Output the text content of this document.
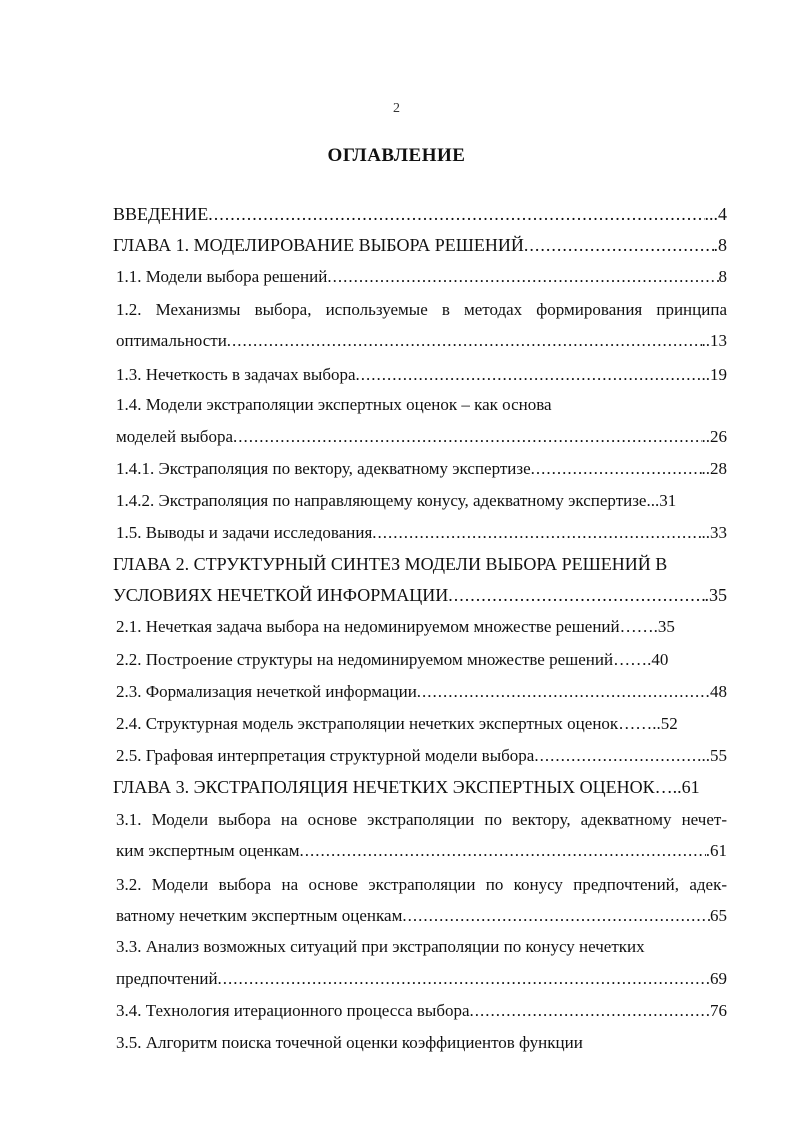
2
ОГЛАВЛЕНИЕ
ВВЕДЕНИЕ .....	...4
ГЛАВА 1. МОДЕЛИРОВАНИЕ ВЫБОРА РЕШЕНИЙ .....	.8
1.1. Модели выбора решений .....	8
1.2. Механизмы выбора, используемые в методах формирования принципа
оптимальности .....	..13
1.3. Нечеткость в задачах выбора .....	..19
1.4. Модели экстраполяции экспертных оценок – как основа
моделей выбора .....	..26
1.4.1. Экстраполяция по вектору, адекватному экспертизе .....	..28
1.4.2. Экстраполяция по направляющему конусу, адекватному экспертизе ...31
1.5. Выводы и задачи исследования .....	..33
ГЛАВА 2. СТРУКТУРНЫЙ СИНТЕЗ МОДЕЛИ ВЫБОРА РЕШЕНИЙ В
УСЛОВИЯХ НЕЧЕТКОЙ ИНФОРМАЦИИ .....	.35
2.1. Нечеткая задача выбора на недоминируемом множестве решений …….35
2.2. Построение структуры на недоминируемом множестве решений …….40
2.3. Формализация нечеткой информации .....	48
2.4. Структурная модель экстраполяции нечетких экспертных оценок ……..52
2.5. Графовая интерпретация структурной модели выбора .....	..55
ГЛАВА 3. ЭКСТРАПОЛЯЦИЯ НЕЧЕТКИХ ЭКСПЕРТНЫХ ОЦЕНОК …..61
3.1. Модели выбора на основе экстраполяции по вектору, адекватному нечет-
ким экспертным оценкам .....	.61
3.2. Модели выбора на основе экстраполяции по конусу предпочтений, адек-
ватному нечетким экспертным оценкам .....	65
3.3. Анализ возможных ситуаций при экстраполяции по конусу нечетких
предпочтений .....	69
3.4. Технология итерационного процесса выбора .....	76
3.5. Алгоритм поиска точечной оценки коэффициентов функции
